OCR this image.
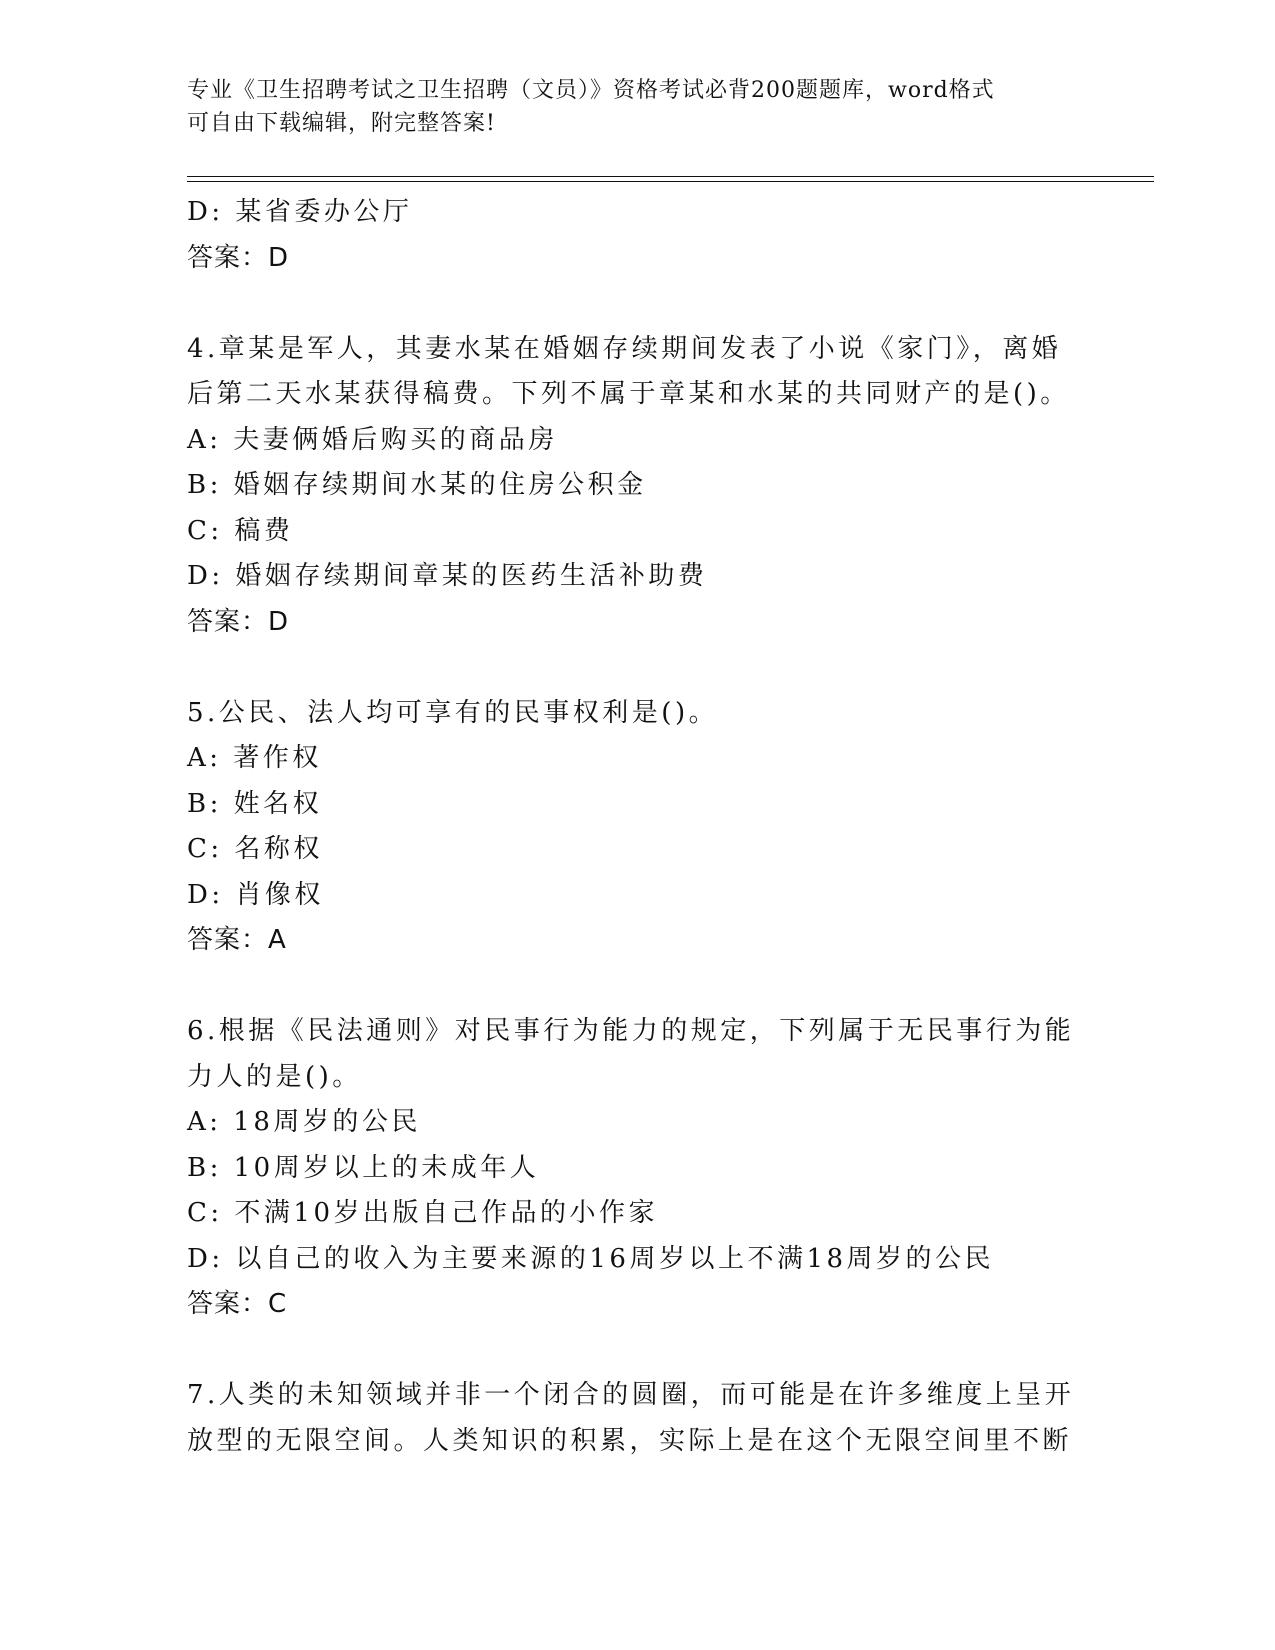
专业《卫生招聘考试之卫生招聘（文员）》资格考试必背200题题库，word格式
可自由下载编辑，附完整答案!
D: 某省委办公厅
答案：D
4.章某是军人，其妻水某在婚姻存续期间发表了小说《家门》，离婚
后第二天水某获得稿费。下列不属于章某和水某的共同财产的是()。
A: 夫妻俩婚后购买的商品房
B: 婚姻存续期间水某的住房公积金
C: 稿费
D: 婚姻存续期间章某的医药生活补助费
答案：D
5.公民、法人均可享有的民事权利是()。
A: 著作权
B: 姓名权
C: 名称权
D: 肖像权
答案：A
6.根据《民法通则》对民事行为能力的规定，下列属于无民事行为能
力人的是()。
A: 18周岁的公民
B: 10周岁以上的未成年人
C: 不满10岁出版自己作品的小作家
D: 以自己的收入为主要来源的16周岁以上不满18周岁的公民
答案：C
7.人类的未知领域并非一个闭合的圆圈，而可能是在许多维度上呈开
放型的无限空间。人类知识的积累，实际上是在这个无限空间里不断
